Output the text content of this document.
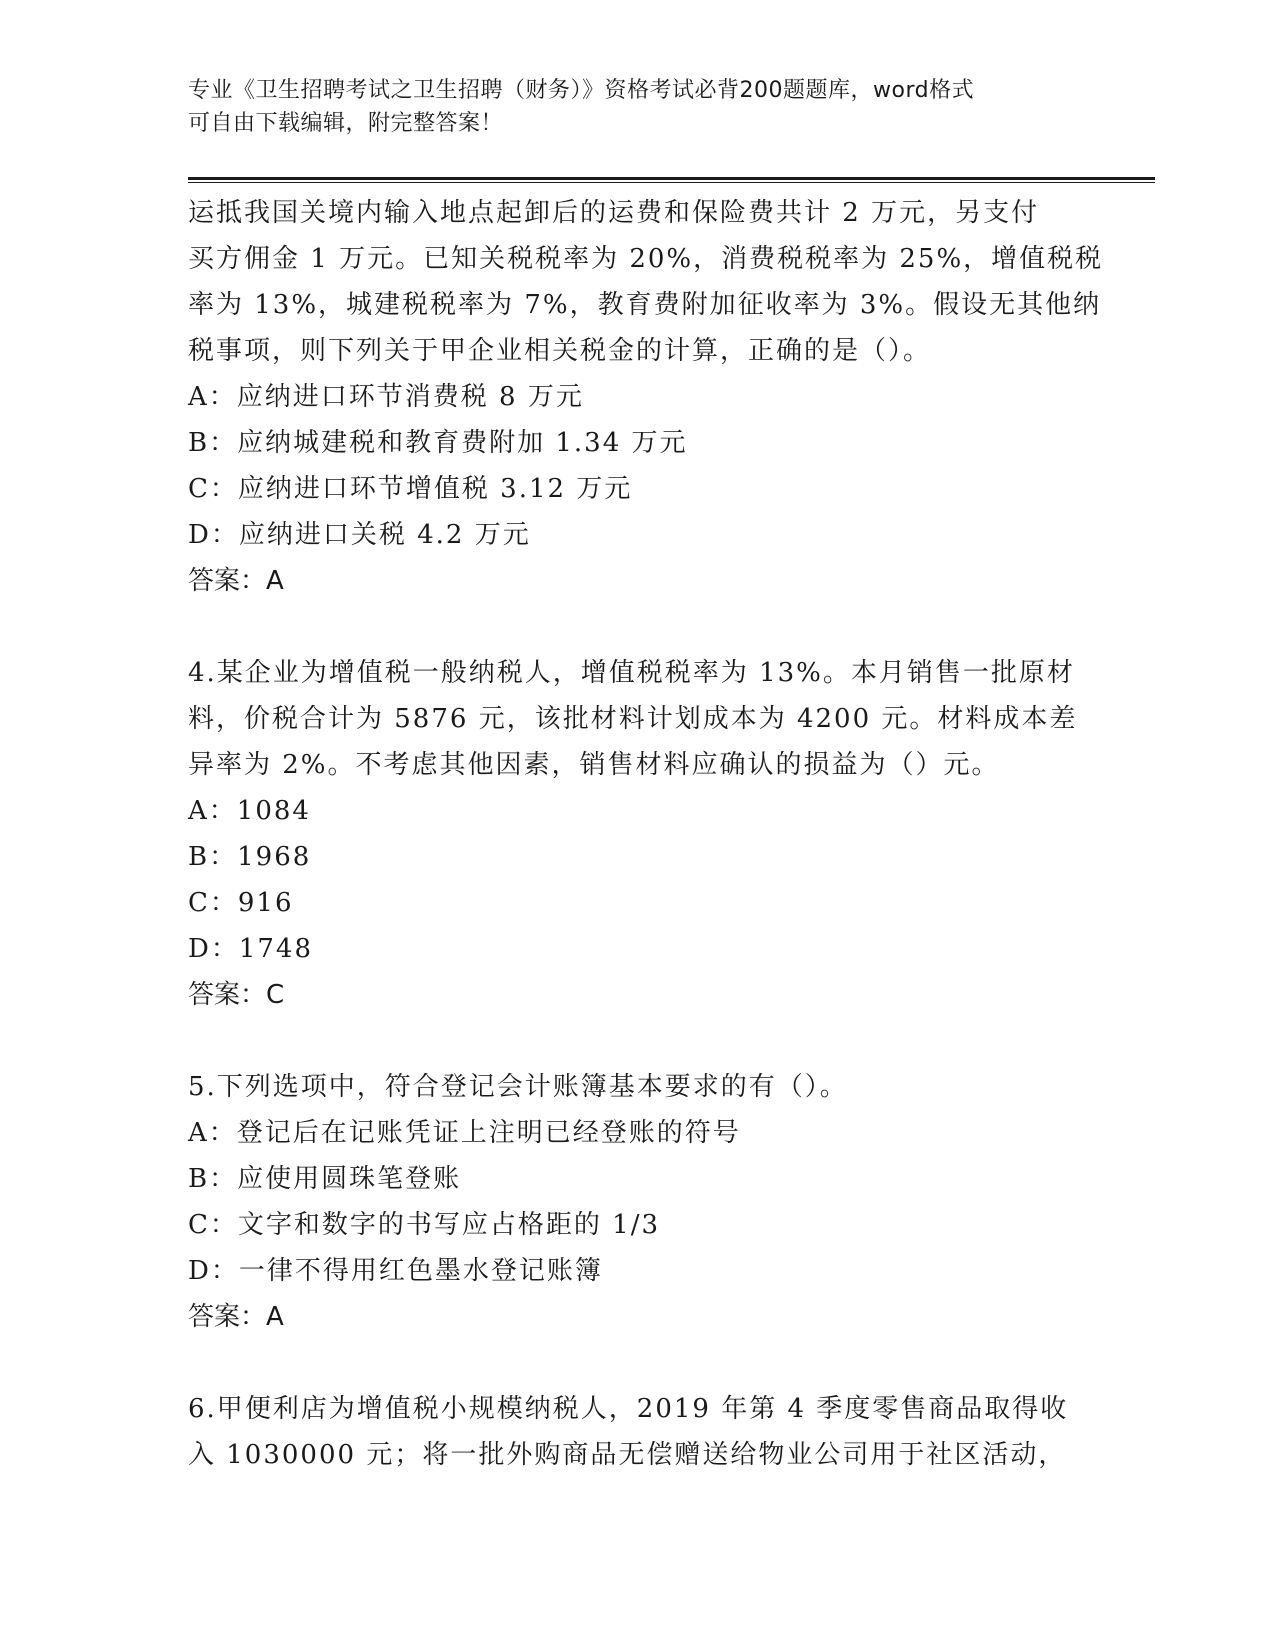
专业《卫生招聘考试之卫生招聘（财务）》资格考试必背200题题库，word格式
可自由下载编辑，附完整答案！
运抵我国关境内输入地点起卸后的运费和保险费共计 2 万元，另支付
买方佣金 1 万元。已知关税税率为 20%，消费税税率为 25%，增值税税
率为 13%，城建税税率为 7%，教育费附加征收率为 3%。假设无其他纳
税事项，则下列关于甲企业相关税金的计算，正确的是（）。
A：应纳进口环节消费税 8 万元
B：应纳城建税和教育费附加 1.34 万元
C：应纳进口环节增值税 3.12 万元
D：应纳进口关税 4.2 万元
答案：A
4.某企业为增值税一般纳税人，增值税税率为 13%。本月销售一批原材
料，价税合计为 5876 元，该批材料计划成本为 4200 元。材料成本差
异率为 2%。不考虑其他因素，销售材料应确认的损益为（）元。
A：1084
B：1968
C：916
D：1748
答案：C
5.下列选项中，符合登记会计账簿基本要求的有（）。
A：登记后在记账凭证上注明已经登账的符号
B：应使用圆珠笔登账
C：文字和数字的书写应占格距的 1/3
D：一律不得用红色墨水登记账簿
答案：A
6.甲便利店为增值税小规模纳税人，2019 年第 4 季度零售商品取得收
入 1030000 元；将一批外购商品无偿赠送给物业公司用于社区活动，
